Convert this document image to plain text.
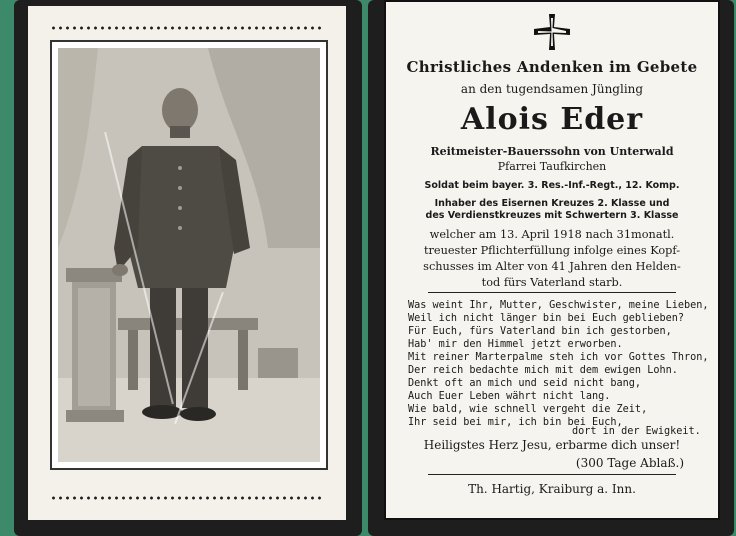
Christliches Andenken im Gebete
an den tugendsamen Jüngling
Alois Eder
Reitmeister-Bauerssohn von Unterwald
Pfarrei Taufkirchen
Soldat beim bayer. 3. Res.-Inf.-Regt., 12. Komp.
Inhaber des Eisernen Kreuzes 2. Klasse und
des Verdienstkreuzes mit Schwertern 3. Klasse
welcher am 13. April 1918 nach 31monatl.
treuester Pflichterfüllung infolge eines Kopf-
schusses im Alter von 41 Jahren den Helden-
tod fürs Vaterland starb.
Was weint Ihr, Mutter, Geschwister, meine Lieben,
Weil ich nicht länger bin bei Euch geblieben?
Für Euch, fürs Vaterland bin ich gestorben,
Hab' mir den Himmel jetzt erworben.
Mit reiner Marterpalme steh ich vor Gottes Thron,
Der reich bedachte mich mit dem ewigen Lohn.
Denkt oft an mich und seid nicht bang,
Auch Euer Leben währt nicht lang.
Wie bald, wie schnell vergeht die Zeit,
Ihr seid bei mir, ich bin bei Euch,
dort in der Ewigkeit.
Heiligstes Herz Jesu, erbarme dich unser!
(300 Tage Ablaß.)
Th. Hartig, Kraiburg a. Inn.
